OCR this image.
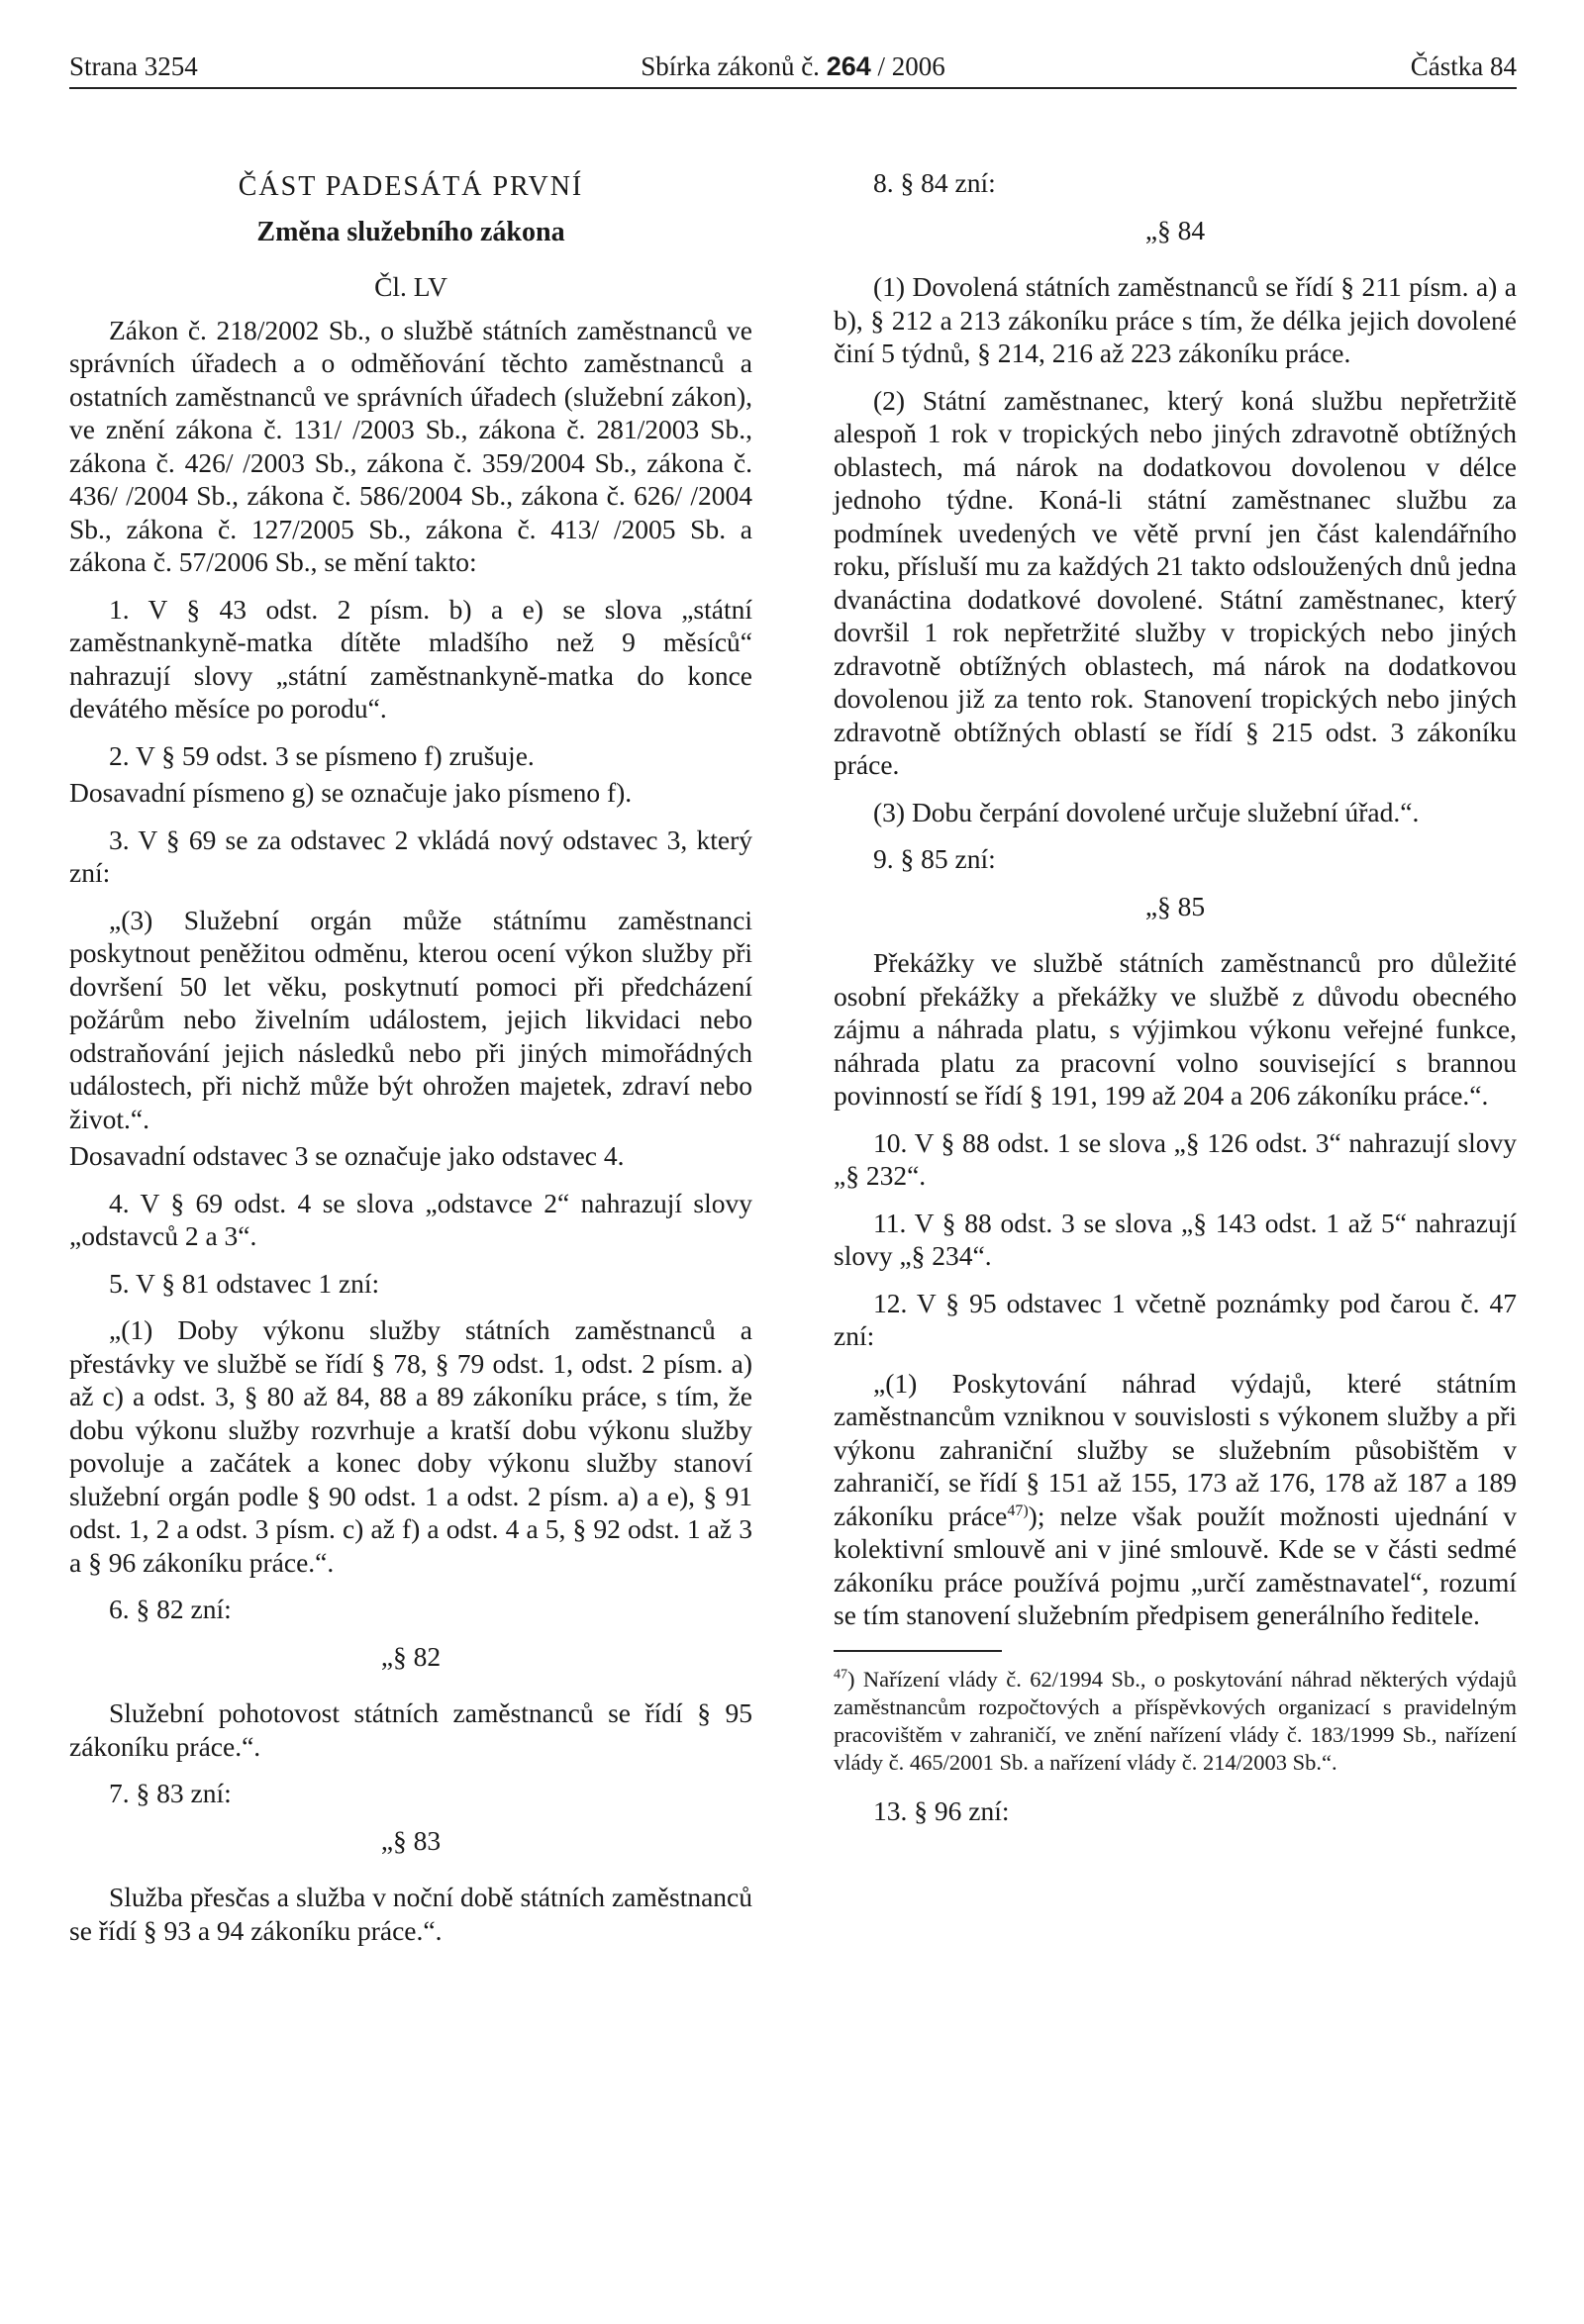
Strana 3254	Sbírka zákonů č. 264 / 2006	Částka 84

ČÁST PADESÁTÁ PRVNÍ

Změna služebního zákona

Čl. LV

Zákon č. 218/2002 Sb., o službě státních zaměstnanců ve správních úřadech a o odměňování těchto zaměstnanců a ostatních zaměstnanců ve správních úřadech (služební zákon), ve znění zákona č. 131/ /2003 Sb., zákona č. 281/2003 Sb., zákona č. 426/ /2003 Sb., zákona č. 359/2004 Sb., zákona č. 436/ /2004 Sb., zákona č. 586/2004 Sb., zákona č. 626/ /2004 Sb., zákona č. 127/2005 Sb., zákona č. 413/ /2005 Sb. a zákona č. 57/2006 Sb., se mění takto:

1. V § 43 odst. 2 písm. b) a e) se slova „státní zaměstnankyně-matka dítěte mladšího než 9 měsíců“ nahrazují slovy „státní zaměstnankyně-matka do konce devátého měsíce po porodu“.

2. V § 59 odst. 3 se písmeno f) zrušuje.

Dosavadní písmeno g) se označuje jako písmeno f).

3. V § 69 se za odstavec 2 vkládá nový odstavec 3, který zní:

„(3) Služební orgán může státnímu zaměstnanci poskytnout peněžitou odměnu, kterou ocení výkon služby při dovršení 50 let věku, poskytnutí pomoci při předcházení požárům nebo živelním událostem, jejich likvidaci nebo odstraňování jejich následků nebo při jiných mimořádných událostech, při nichž může být ohrožen majetek, zdraví nebo život.“.

Dosavadní odstavec 3 se označuje jako odstavec 4.

4. V § 69 odst. 4 se slova „odstavce 2“ nahrazují slovy „odstavců 2 a 3“.

5. V § 81 odstavec 1 zní:

„(1) Doby výkonu služby státních zaměstnanců a přestávky ve službě se řídí § 78, § 79 odst. 1, odst. 2 písm. a) až c) a odst. 3, § 80 až 84, 88 a 89 zákoníku práce, s tím, že dobu výkonu služby rozvrhuje a kratší dobu výkonu služby povoluje a začátek a konec doby výkonu služby stanoví služební orgán podle § 90 odst. 1 a odst. 2 písm. a) a e), § 91 odst. 1, 2 a odst. 3 písm. c) až f) a odst. 4 a 5, § 92 odst. 1 až 3 a § 96 zákoníku práce.“.

6. § 82 zní:

„§ 82

Služební pohotovost státních zaměstnanců se řídí § 95 zákoníku práce.“.

7. § 83 zní:

„§ 83

Služba přesčas a služba v noční době státních zaměstnanců se řídí § 93 a 94 zákoníku práce.“.

8. § 84 zní:

„§ 84

(1) Dovolená státních zaměstnanců se řídí § 211 písm. a) a b), § 212 a 213 zákoníku práce s tím, že délka jejich dovolené činí 5 týdnů, § 214, 216 až 223 zákoníku práce.

(2) Státní zaměstnanec, který koná službu nepřetržitě alespoň 1 rok v tropických nebo jiných zdravotně obtížných oblastech, má nárok na dodatkovou dovolenou v délce jednoho týdne. Koná-li státní zaměstnanec službu za podmínek uvedených ve větě první jen část kalendářního roku, přísluší mu za každých 21 takto odsloužených dnů jedna dvanáctina dodatkové dovolené. Státní zaměstnanec, který dovršil 1 rok nepřetržité služby v tropických nebo jiných zdravotně obtížných oblastech, má nárok na dodatkovou dovolenou již za tento rok. Stanovení tropických nebo jiných zdravotně obtížných oblastí se řídí § 215 odst. 3 zákoníku práce.

(3) Dobu čerpání dovolené určuje služební úřad.“.

9. § 85 zní:

„§ 85

Překážky ve službě státních zaměstnanců pro důležité osobní překážky a překážky ve službě z důvodu obecného zájmu a náhrada platu, s výjimkou výkonu veřejné funkce, náhrada platu za pracovní volno související s brannou povinností se řídí § 191, 199 až 204 a 206 zákoníku práce.“.

10. V § 88 odst. 1 se slova „§ 126 odst. 3“ nahrazují slovy „§ 232“.

11. V § 88 odst. 3 se slova „§ 143 odst. 1 až 5“ nahrazují slovy „§ 234“.

12. V § 95 odstavec 1 včetně poznámky pod čarou č. 47 zní:

„(1) Poskytování náhrad výdajů, které státním zaměstnancům vzniknou v souvislosti s výkonem služby a při výkonu zahraniční služby se služebním působištěm v zahraničí, se řídí § 151 až 155, 173 až 176, 178 až 187 a 189 zákoníku práce$^{47)}$); nelze však použít možnosti ujednání v kolektivní smlouvě ani v jiné smlouvě. Kde se v části sedmé zákoníku práce používá pojmu „určí zaměstnavatel“, rozumí se tím stanovení služebním předpisem generálního ředitele.

$^{47}$) Nařízení vlády č. 62/1994 Sb., o poskytování náhrad některých výdajů zaměstnancům rozpočtových a příspěvkových organizací s pravidelným pracovištěm v zahraničí, ve znění nařízení vlády č. 183/1999 Sb., nařízení vlády č. 465/2001 Sb. a nařízení vlády č. 214/2003 Sb.“.

13. § 96 zní:
